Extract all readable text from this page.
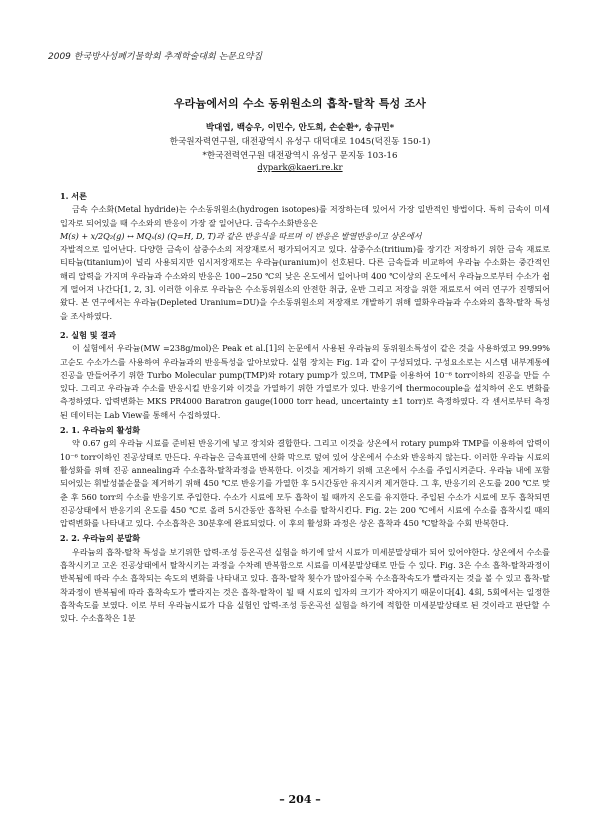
2009 한국방사성폐기물학회 추계학술대회 논문요약집
우라늄에서의 수소 동위원소의 흡착-탈착 특성 조사
박대엽, 백승우, 이민수, 안도희, 손순환*, 송규민*
한국원자력연구원, 대전광역시 유성구 대덕대로 1045(덕진동 150-1)
*한국전력연구원 대전광역시 유성구 문지동 103-16
dypark@kaeri.re.kr
1. 서론

금속 수소화(Metal hydride)는 수소동위원소(hydrogen isotopes)를 저장하는데 있어서 가장 일반적인 방법이다. 특히 금속이 미세입자로 되어있을 때 수소와의 반응이 가장 잘 일어난다. 금속수소화반응은

M(s) + x/2Q₂(g) ↔ MQₓ(s) (Q=H, D, T)과 같은 반응식을 따르며 이 반응은 발열반응이고 상온에서

자발적으로 일어난다. 다양한 금속이 삼중수소의 저장재로서 평가되어지고 있다. 삼중수소(tritium)를 장기간 저장하기 위한 금속 재료로 티타늄(titanium)이 널리 사용되지만 임시저장재로는 우라늄(uranium)이 선호된다. 다른 금속들과 비교하여 우라늄 수소화는 중간적인 해리 압력을 가지며 우라늄과 수소와의 반응은 100~250 ℃의 낮은 온도에서 일어나며 400 ℃이상의 온도에서 우라늄으로부터 수소가 쉽게 떨어져 나간다[1, 2, 3]. 이러한 이유로 우라늄은 수소동위원소의 안전한 취급, 운반 그리고 저장을 위한 재료로서 여러 연구가 진행되어 왔다. 본 연구에서는 우라늄(Depleted Uranium=DU)을 수소동위원소의 저장재로 개발하기 위해 열화우라늄과 수소와의 흡착-탈착 특성을 조사하였다.

2. 실험 및 결과

이 실험에서 우라늄(MW =238g/mol)은 Peak et al.[1]의 논문에서 사용된 우라늄의 동위원소특성이 같은 것을 사용하였고 99.99% 고순도 수소가스를 사용하여 우라늄과의 반응특성을 알아보았다. 실험 장치는 Fig. 1과 같이 구성되었다. 구성요소로는 시스템 내부계통에 진공을 만들어주기 위한 Turbo Molecular pump(TMP)와 rotary pump가 있으며, TMP를 이용하여 10⁻⁶ torr이하의 진공을 만들 수 있다. 그리고 우라늄과 수소를 반응시킬 반응기와 이것을 가열하기 위한 가열로가 있다. 반응기에 thermocouple을 설치하여 온도 변화를 측정하였다. 압력변화는 MKS PR4000 Baratron gauge(1000 torr head, uncertainty ±1 torr)로 측정하였다. 각 센서로부터 측정된 데이터는 Lab View를 통해서 수집하였다.

2. 1. 우라늄의 활성화

약 0.67 g의 우라늄 시료를 준비된 반응기에 넣고 장치와 결합한다. 그리고 이것을 상온에서 rotary pump와 TMP를 이용하여 압력이 10⁻⁶ torr이하인 진공상태로 만든다. 우라늄은 금속표면에 산화 막으로 덮여 있어 상온에서 수소와 반응하지 않는다. 이러한 우라늄 시료의 활성화를 위해 진공 annealing과 수소흡착-탈착과정을 반복한다. 이것을 제거하기 위해 고온에서 수소를 주입시켜준다. 우라늄 내에 포함되어있는 휘발성불순물을 제거하기 위해 450 ℃로 반응기를 가열한 후 5시간동안 유지시켜 제거한다. 그 후, 반응기의 온도를 200 ℃로 맞춘 후 560 torr의 수소를 반응기로 주입한다. 수소가 시료에 모두 흡착이 될 때까지 온도를 유지한다. 주입된 수소가 시료에 모두 흡착되면 진공상태에서 반응기의 온도를 450 ℃로 올려 5시간동안 흡착된 수소를 탈착시킨다. Fig. 2는 200 ℃에서 시료에 수소를 흡착시킬 때의 압력변화를 나타내고 있다. 수소흡착은 30분후에 완료되었다. 이 후의 활성화 과정은 상온 흡착과 450 ℃탈착을 수회 반복한다.

2. 2. 우라늄의 분말화

우라늄의 흡착-탈착 특성을 보기위한 압력-조성 등온곡선 실험을 하기에 앞서 시료가 미세분말상태가 되어 있어야한다. 상온에서 수소를 흡착시키고 고온 진공상태에서 탈착시키는 과정을 수차례 반복함으로 시료를 미세분말상태로 만들 수 있다. Fig. 3은 수소 흡착-탈착과정이 반복됨에 따라 수소 흡착되는 속도의 변화를 나타내고 있다. 흡착-탈착 횟수가 많아질수록 수소흡착속도가 빨라지는 것을 볼 수 있고 흡착-탈착과정이 반복됨에 따라 흡착속도가 빨라지는 것은 흡착-탈착이 될 때 시료의 입자의 크기가 작아지기 때문이다[4]. 4회, 5회에서는 일정한 흡착속도를 보였다. 이로 부터 우라늄시료가 다음 실험인 압력-조성 등온곡선 실험을 하기에 적합한 미세분말상태로 된 것이라고 판단할 수 있다. 수소흡착은 1분

– 204 –
